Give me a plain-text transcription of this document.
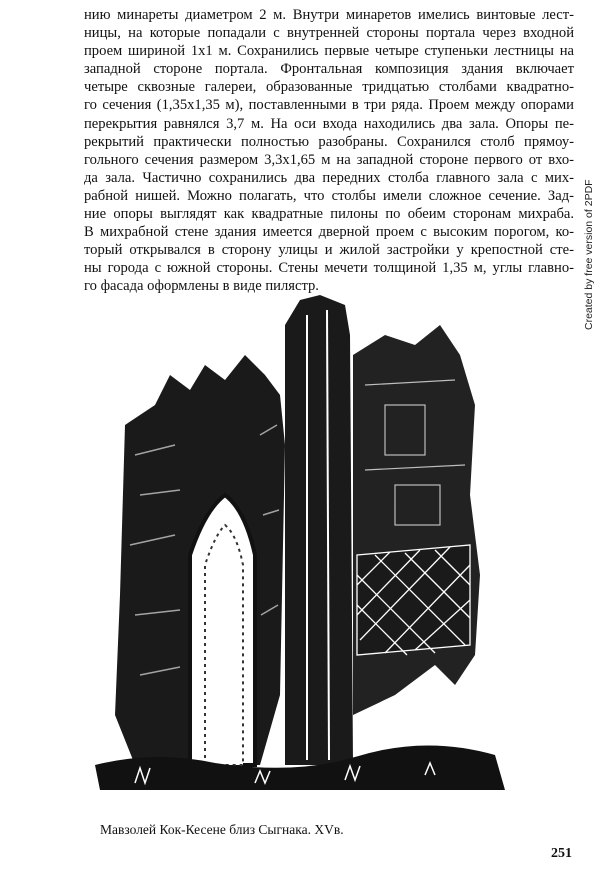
нию минареты диаметром 2 м. Внутри минаретов имелись винтовые лест-
ницы, на которые попадали с внутренней стороны портала через входной
проем шириной 1х1 м. Сохранились первые четыре ступеньки лестницы на
западной стороне портала. Фронтальная композиция здания включает
четыре сквозные галереи, образованные тридцатью столбами квадратно-
го сечения (1,35х1,35 м), поставленными в три ряда. Проем между опорами
перекрытия равнялся 3,7 м. На оси входа находились два зала. Опоры пе-
рекрытий практически полностью разобраны. Сохранился столб прямоу-
гольного сечения размером 3,3х1,65 м на западной стороне первого от вхо-
да зала. Частично сохранились два передних столба главного зала с мих-
рабной нишей. Можно полагать, что столбы имели сложное сечение. Зад-
ние опоры выглядят как квадратные пилоны по обеим сторонам михраба.
В михрабной стене здания имеется дверной проем с высоким порогом, ко-
торый открывался в сторону улицы и жилой застройки у крепостной сте-
ны города с южной стороны. Стены мечети толщиной 1,35 м, углы главно-
го фасада оформлены в виде пилястр.
Мавзолей Кок-Кесене близ Сыгнака. XVв.
251
Created by free version of 2PDF
